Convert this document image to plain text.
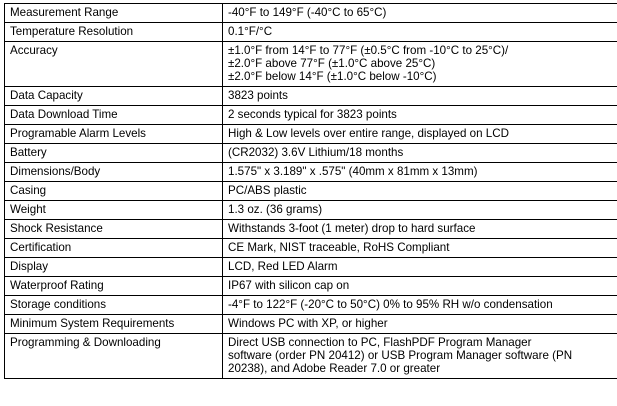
Measurement Range	-40°F to 149°F (-40°C to 65°C)

Temperature Resolution	0.1°F/°C

Accuracy	±1.0°F from 14°F to 77°F (±0.5°C from -10°C to 25°C)/
±2.0°F above 77°F (±1.0°C above 25°C)
±2.0°F below 14°F (±1.0°C below -10°C)

Data Capacity	3823 points

Data Download Time	2 seconds typical for 3823 points

Programable Alarm Levels	High & Low levels over entire range, displayed on LCD

Battery	(CR2032) 3.6V Lithium/18 months

Dimensions/Body	1.575" x 3.189" x .575" (40mm x 81mm x 13mm)

Casing	PC/ABS plastic

Weight	1.3 oz. (36 grams)

Shock Resistance	Withstands 3-foot (1 meter) drop to hard surface

Certification	CE Mark, NIST traceable, RoHS Compliant

Display	LCD, Red LED Alarm

Waterproof Rating	IP67 with silicon cap on

Storage conditions	-4°F to 122°F (-20°C to 50°C) 0% to 95% RH w/o condensation

Minimum System Requirements	Windows PC with XP, or higher

Programming & Downloading	Direct USB connection to PC, FlashPDF Program Manager
software (order PN 20412) or USB Program Manager software (PN
20238), and Adobe Reader 7.0 or greater
